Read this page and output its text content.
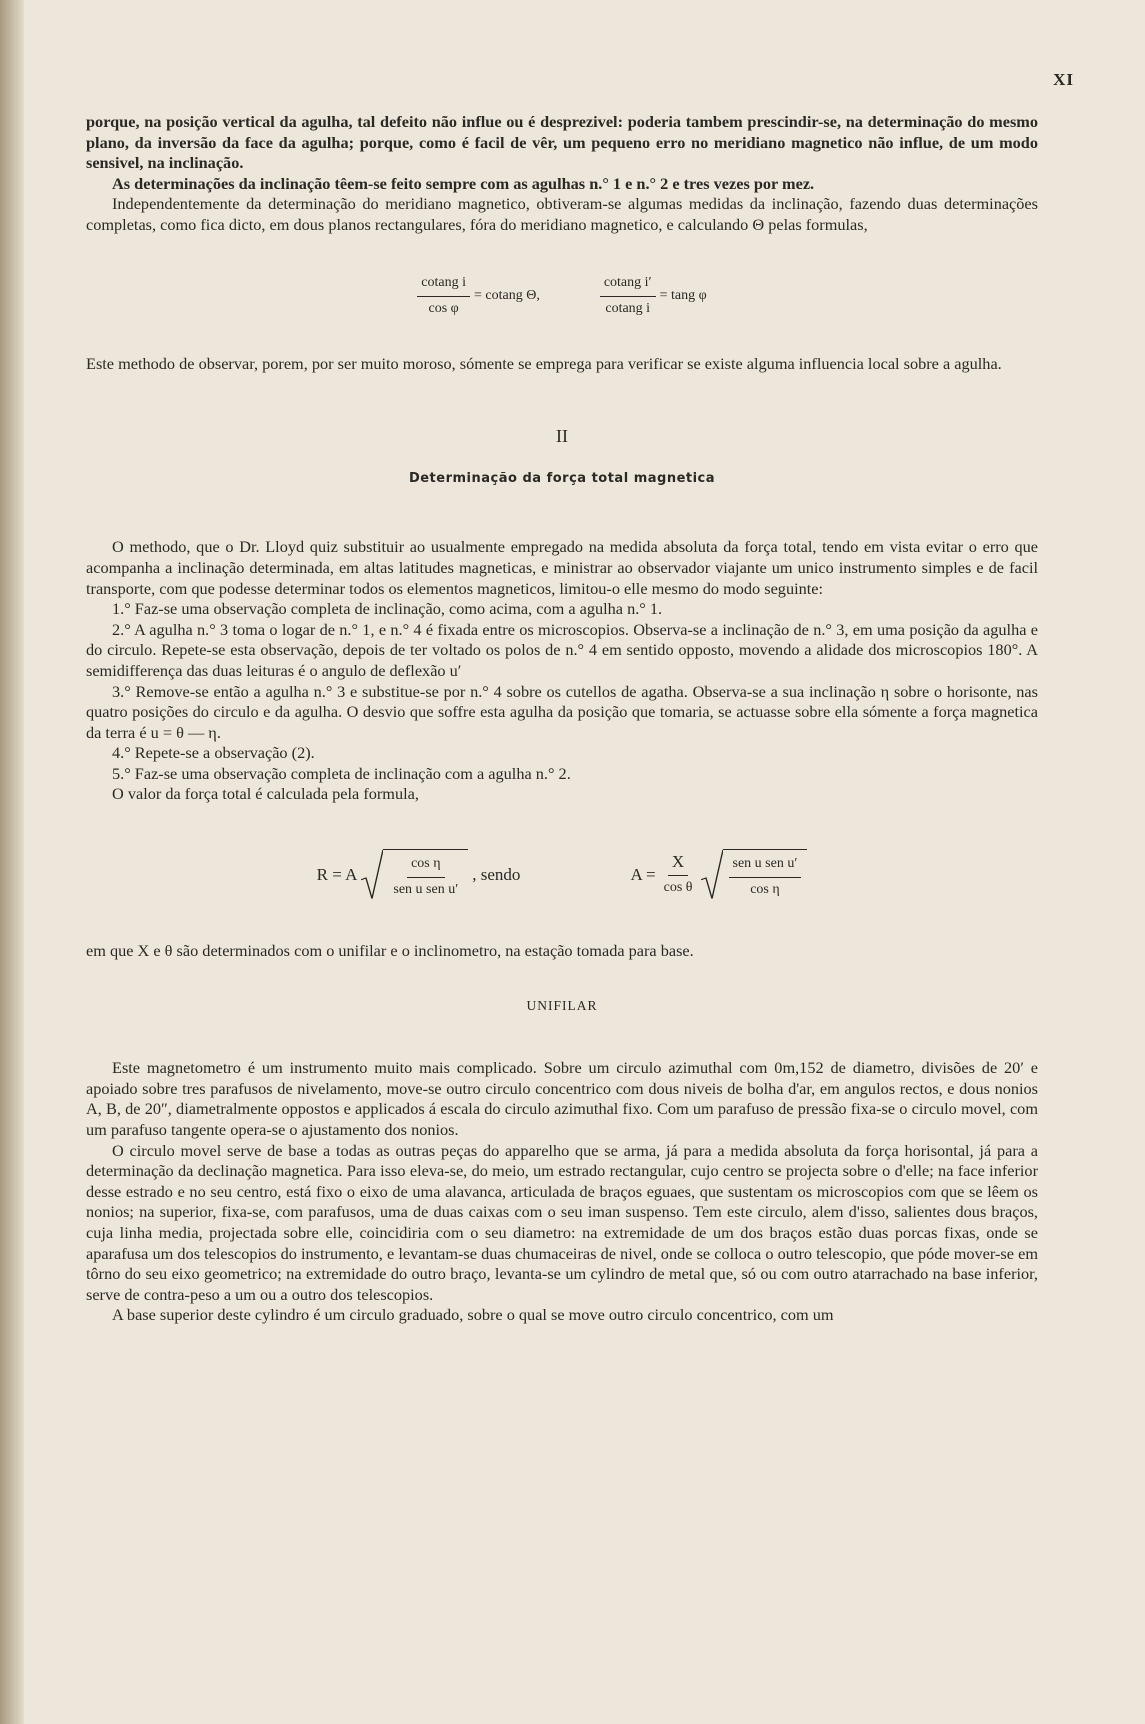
XI

porque, na posição vertical da agulha, tal defeito não influe ou é desprezivel: poderia tambem prescindir-se, na determinação do mesmo plano, da inversão da face da agulha; porque, como é facil de vêr, um pequeno erro no meridiano magnetico não influe, de um modo sensivel, na inclinação.

As determinações da inclinação têem-se feito sempre com as agulhas n.° 1 e n.° 2 e tres vezes por mez.

Independentemente da determinação do meridiano magnetico, obtiveram-se algumas medidas da inclinação, fazendo duas determinações completas, como fica dicto, em dous planos rectangulares, fóra do meridiano magnetico, e calculando Θ pelas formulas,

$\frac{\text{cotang i}}{\text{cos φ}} = cotang$ Θ,	$\frac{\text{cotang i′}}{\text{cotang i}} = \tan g$ φ

Este methodo de observar, porem, por ser muito moroso, sómente se emprega para verificar se existe alguma influencia local sobre a agulha.

II
Determinação da força total magnetica

O methodo, que o Dr. Lloyd quiz substituir ao usualmente empregado na medida absoluta da força total, tendo em vista evitar o erro que acompanha a inclinação determinada, em altas latitudes magneticas, e ministrar ao observador viajante um unico instrumento simples e de facil transporte, com que podesse determinar todos os elementos magneticos, limitou-o elle mesmo do modo seguinte:

1.° Faz-se uma observação completa de inclinação, como acima, com a agulha n.° 1.

2.° A agulha n.° 3 toma o logar de n.° 1, e n.° 4 é fixada entre os microscopios. Observa-se a inclinação de n.° 3, em uma posição da agulha e do circulo. Repete-se esta observação, depois de ter voltado os polos de n.° 4 em sentido opposto, movendo a alidade dos microscopios 180°. A semidifferença das duas leituras é o angulo de deflexão u′

3.° Remove-se então a agulha n.° 3 e substitue-se por n.° 4 sobre os cutellos de agatha. Observa-se a sua inclinação η sobre o horisonte, nas quatro posições do circulo e da agulha. O desvio que soffre esta agulha da posição que tomaria, se actuasse sobre ella sómente a força magnetica da terra é u = θ — η.

4.° Repete-se a observação (2).

5.° Faz-se uma observação completa de inclinação com a agulha n.° 2.

O valor da força total é calculada pela formula,

R = A $\frac{\text{cos η}}{\text{sen u sen u′}}$ , sendo	$A = \frac{X}{\text{cos θ}} \frac{\text{sen u sen u′}}{\text{cos η}}$

em que X e θ são determinados com o unifilar e o inclinometro, na estação tomada para base.

UNIFILAR

Este magnetometro é um instrumento muito mais complicado. Sobre um circulo azimuthal com 0m,152 de diametro, divisões de 20′ e apoiado sobre tres parafusos de nivelamento, move-se outro circulo concentrico com dous niveis de bolha d'ar, em angulos rectos, e dous nonios A, B, de 20″, diametralmente oppostos e applicados á escala do circulo azimuthal fixo. Com um parafuso de pressão fixa-se o circulo movel, com um parafuso tangente opera-se o ajustamento dos nonios.

O circulo movel serve de base a todas as outras peças do apparelho que se arma, já para a medida absoluta da força horisontal, já para a determinação da declinação magnetica. Para isso eleva-se, do meio, um estrado rectangular, cujo centro se projecta sobre o d'elle; na face inferior desse estrado e no seu centro, está fixo o eixo de uma alavanca, articulada de braços eguaes, que sustentam os microscopios com que se lêem os nonios; na superior, fixa-se, com parafusos, uma de duas caixas com o seu iman suspenso. Tem este circulo, alem d'isso, salientes dous braços, cuja linha media, projectada sobre elle, coincidiria com o seu diametro: na extremidade de um dos braços estão duas porcas fixas, onde se aparafusa um dos telescopios do instrumento, e levantam-se duas chumaceiras de nivel, onde se colloca o outro telescopio, que póde mover-se em tôrno do seu eixo geometrico; na extremidade do outro braço, levanta-se um cylindro de metal que, só ou com outro atarrachado na base inferior, serve de contra-peso a um ou a outro dos telescopios.

A base superior deste cylindro é um circulo graduado, sobre o qual se move outro circulo concentrico, com um
